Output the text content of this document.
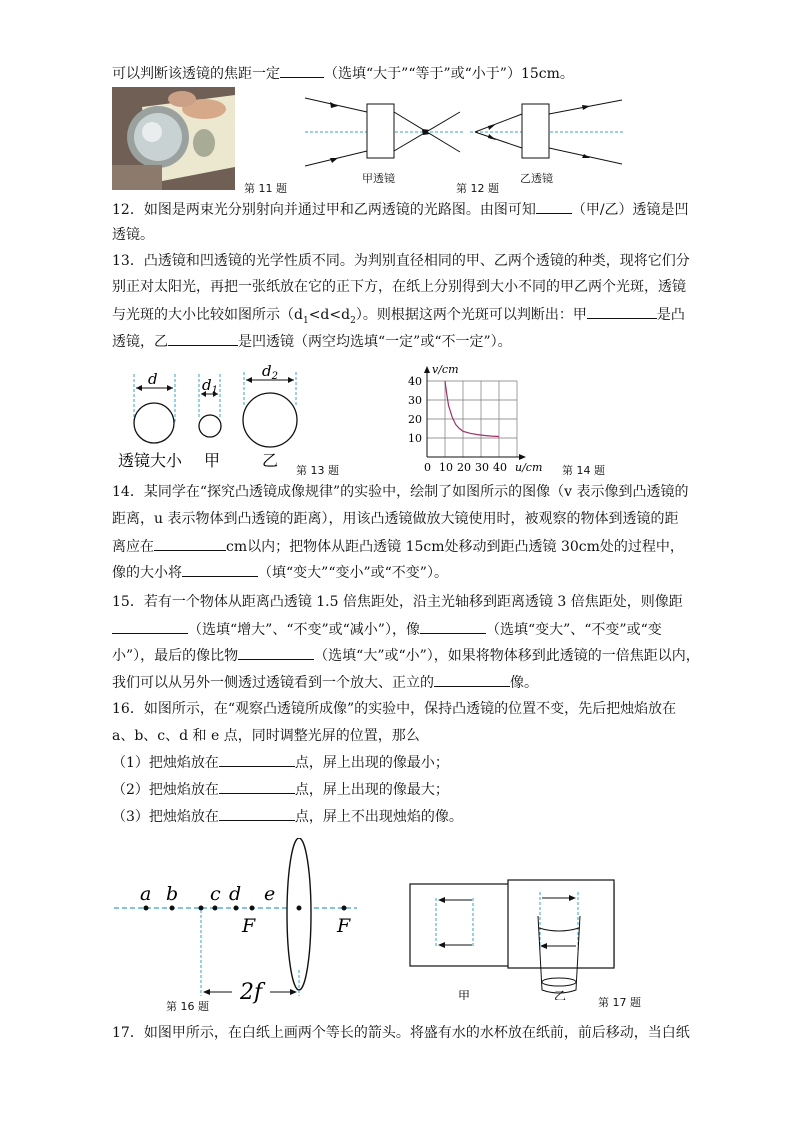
可以判断该透镜的焦距一定	（选填“大于”“等于”或“小于”）15cm。
第 11 题
甲透镜
第 12 题
乙透镜
12．如图是两束光分别射向并通过甲和乙两透镜的光路图。由图可知	（甲/乙）透镜是凹
透镜。
13．凸透镜和凹透镜的光学性质不同。为判别直径相同的甲、乙两个透镜的种类，现将它们分
别正对太阳光，再把一张纸放在它的正下方，在纸上分别得到大小不同的甲乙两个光斑，透镜
与光斑的大小比较如图所示$(d_1<d<d_2)$。则根据这两个光斑可以判断出：甲	是凸
透镜，乙	是凹透镜（两空均选填“一定”或“不一定”）。
d	$d_1$
$d_2$
透镜大小 甲	乙
第 13 题
v/cm
u/cm
0 10 20 30 40
10
20
30
40
第 14 题
14．某同学在“探究凸透镜成像规律”的实验中，绘制了如图所示的图像（v 表示像到凸透镜的
距离，u 表示物体到凸透镜的距离），用该凸透镜做放大镜使用时，被观察的物体到透镜的距
离应在	cm以内；把物体从距凸透镜 15cm处移动到距凸透镜 30cm处的过程中，
像的大小将	（填“变大”“变小”或“不变”）。
15．若有一个物体从距离凸透镜 1.5 倍焦距处，沿主光轴移到距离透镜 3 倍焦距处，则像距
（选填“增大”、“不变”或“减小”），像	（选填“变大”、“不变”或“变
小”），最后的像比物	（选填“大”或“小”），如果将物体移到此透镜的一倍焦距以内，
我们可以从另外一侧透过透镜看到一个放大、正立的	像。
16．如图所示，在“观察凸透镜所成像”的实验中，保持凸透镜的位置不变，先后把烛焰放在
a、b、c、d 和 e 点，同时调整光屏的位置，那么
（1）把烛焰放在	点，屏上出现的像最小；
（2）把烛焰放在	点，屏上出现的像最大；
（3）把烛焰放在	点，屏上不出现烛焰的像。
a b c d e
F	F
2f
第 16 题
甲	乙	第 17 题
17．如图甲所示，在白纸上画两个等长的箭头。将盛有水的水杯放在纸前，前后移动，当白纸
